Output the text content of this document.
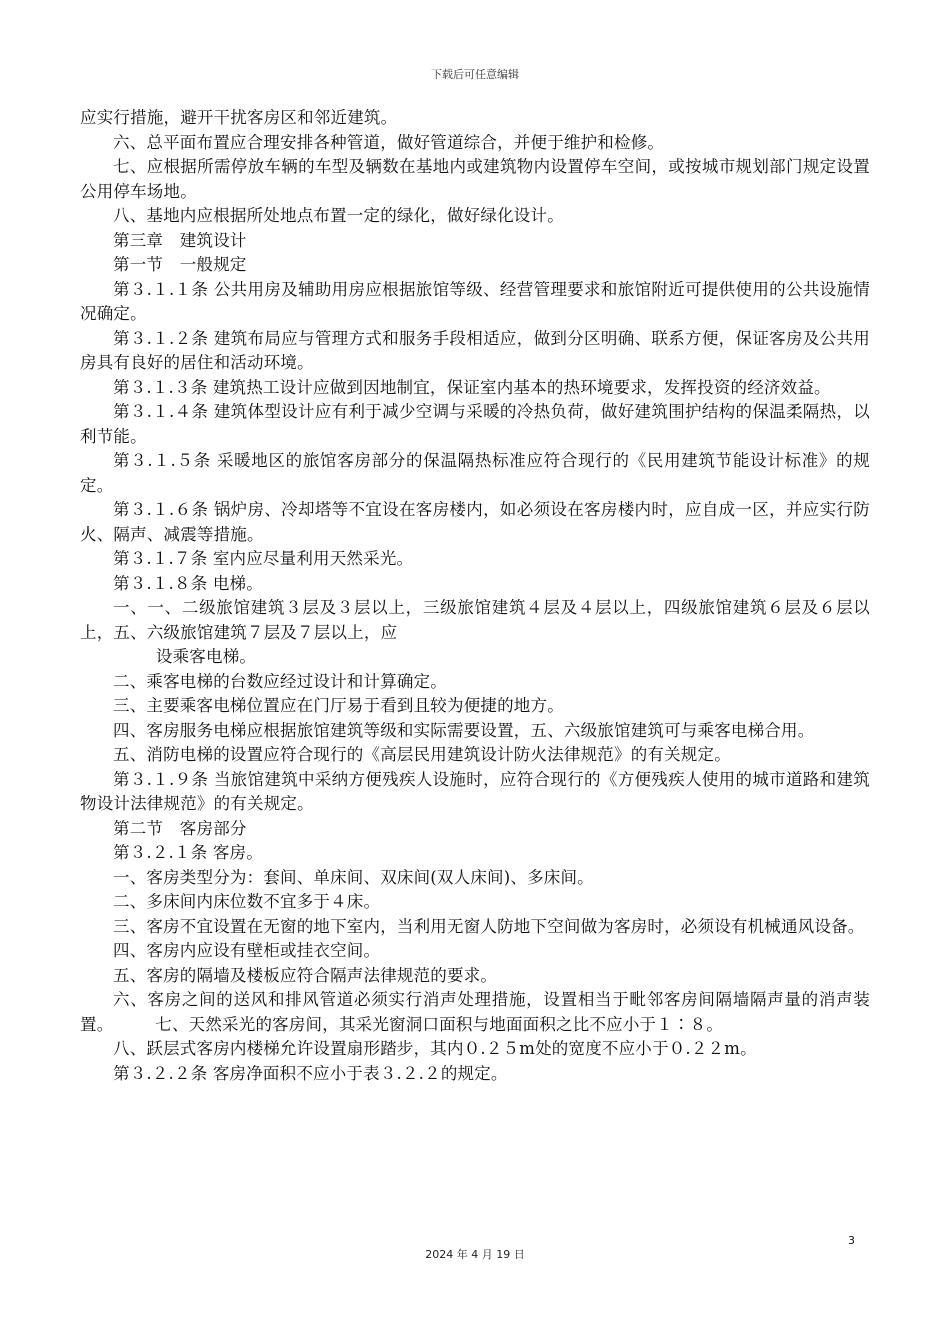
下载后可任意编辑

应实行措施，避开干扰客房区和邻近建筑。

六、总平面布置应合理安排各种管道，做好管道综合，并便于维护和检修。

七、应根据所需停放车辆的车型及辆数在基地内或建筑物内设置停车空间，或按城市规划部门规定设置公用停车场地。

八、基地内应根据所处地点布置一定的绿化，做好绿化设计。

第三章　建筑设计

第一节　一般规定

第３.１.１条 公共用房及辅助用房应根据旅馆等级、经营管理要求和旅馆附近可提供使用的公共设施情况确定。

第３.１.２条 建筑布局应与管理方式和服务手段相适应，做到分区明确、联系方便，保证客房及公共用房具有良好的居住和活动环境。

第３.１.３条 建筑热工设计应做到因地制宜，保证室内基本的热环境要求，发挥投资的经济效益。

第３.１.４条 建筑体型设计应有利于减少空调与采暖的冷热负荷，做好建筑围护结构的保温柔隔热，以利节能。

第３.１.５条 采暖地区的旅馆客房部分的保温隔热标准应符合现行的《民用建筑节能设计标准》的规定。

第３.１.６条 锅炉房、冷却塔等不宜设在客房楼内，如必须设在客房楼内时，应自成一区，并应实行防火、隔声、减震等措施。

第３.１.７条 室内应尽量利用天然采光。

第３.１.８条 电梯。

一、一、二级旅馆建筑３层及３层以上，三级旅馆建筑４层及４层以上，四级旅馆建筑６层及６层以上，五、六级旅馆建筑７层及７层以上，应

设乘客电梯。

二、乘客电梯的台数应经过设计和计算确定。

三、主要乘客电梯位置应在门厅易于看到且较为便捷的地方。

四、客房服务电梯应根据旅馆建筑等级和实际需要设置，五、六级旅馆建筑可与乘客电梯合用。

五、消防电梯的设置应符合现行的《高层民用建筑设计防火法律规范》的有关规定。

第３.１.９条 当旅馆建筑中采纳方便残疾人设施时，应符合现行的《方便残疾人使用的城市道路和建筑物设计法律规范》的有关规定。

第二节　客房部分

第３.２.１条 客房。

一、客房类型分为：套间、单床间、双床间(双人床间)、多床间。

二、多床间内床位数不宜多于４床。

三、客房不宜设置在无窗的地下室内，当利用无窗人防地下空间做为客房时，必须设有机械通风设备。

四、客房内应设有壁柜或挂衣空间。

五、客房的隔墙及楼板应符合隔声法律规范的要求。

六、客房之间的送风和排风管道必须实行消声处理措施，设置相当于毗邻客房间隔墙隔声量的消声装置。　　　七、天然采光的客房间，其采光窗洞口面积与地面面积之比不应小于１∶８。

八、跃层式客房内楼梯允许设置扇形踏步，其内０.２５m处的宽度不应小于０.２２m。

第３.２.２条 客房净面积不应小于表３.２.２的规定。

3
2024 年 4 月 19 日
